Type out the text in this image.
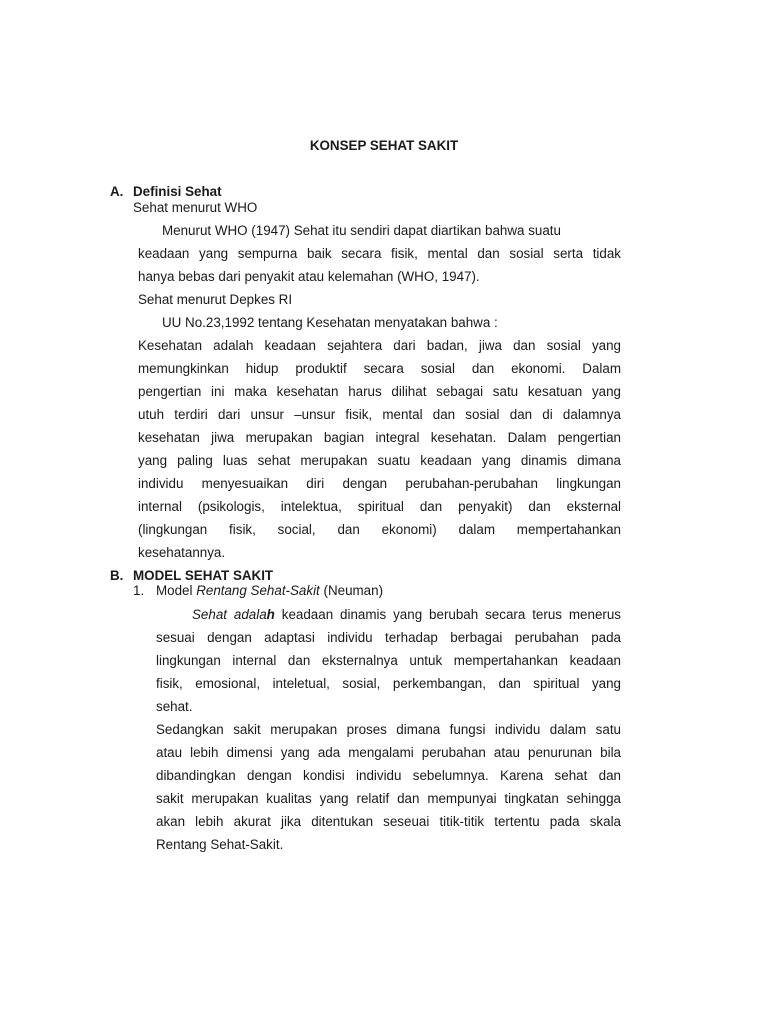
KONSEP SEHAT SAKIT
A. Definisi Sehat
Sehat menurut WHO
Menurut WHO (1947) Sehat itu sendiri dapat diartikan bahwa suatu
keadaan yang sempurna baik secara fisik, mental dan sosial serta tidak
hanya bebas dari penyakit atau kelemahan (WHO, 1947).
Sehat menurut Depkes RI
UU No.23,1992 tentang Kesehatan menyatakan bahwa :
Kesehatan adalah keadaan sejahtera dari badan, jiwa dan sosial yang
memungkinkan hidup produktif secara sosial dan ekonomi. Dalam
pengertian ini maka kesehatan harus dilihat sebagai satu kesatuan yang
utuh terdiri dari unsur –unsur fisik, mental dan sosial dan di dalamnya
kesehatan jiwa merupakan bagian integral kesehatan. Dalam pengertian
yang paling luas sehat merupakan suatu keadaan yang dinamis dimana
individu menyesuaikan diri dengan perubahan-perubahan lingkungan
internal (psikologis, intelektua, spiritual dan penyakit) dan eksternal
(lingkungan fisik, social, dan ekonomi) dalam mempertahankan
kesehatannya.
B. MODEL SEHAT SAKIT
1. Model Rentang Sehat-Sakit (Neuman)
Sehat adalah keadaan dinamis yang berubah secara terus menerus
sesuai dengan adaptasi individu terhadap berbagai perubahan pada
lingkungan internal dan eksternalnya untuk mempertahankan keadaan
fisik, emosional, inteletual, sosial, perkembangan, dan spiritual yang
sehat.
Sedangkan sakit merupakan proses dimana fungsi individu dalam satu
atau lebih dimensi yang ada mengalami perubahan atau penurunan bila
dibandingkan dengan kondisi individu sebelumnya. Karena sehat dan
sakit merupakan kualitas yang relatif dan mempunyai tingkatan sehingga
akan lebih akurat jika ditentukan seseuai titik-titik tertentu pada skala
Rentang Sehat-Sakit.
